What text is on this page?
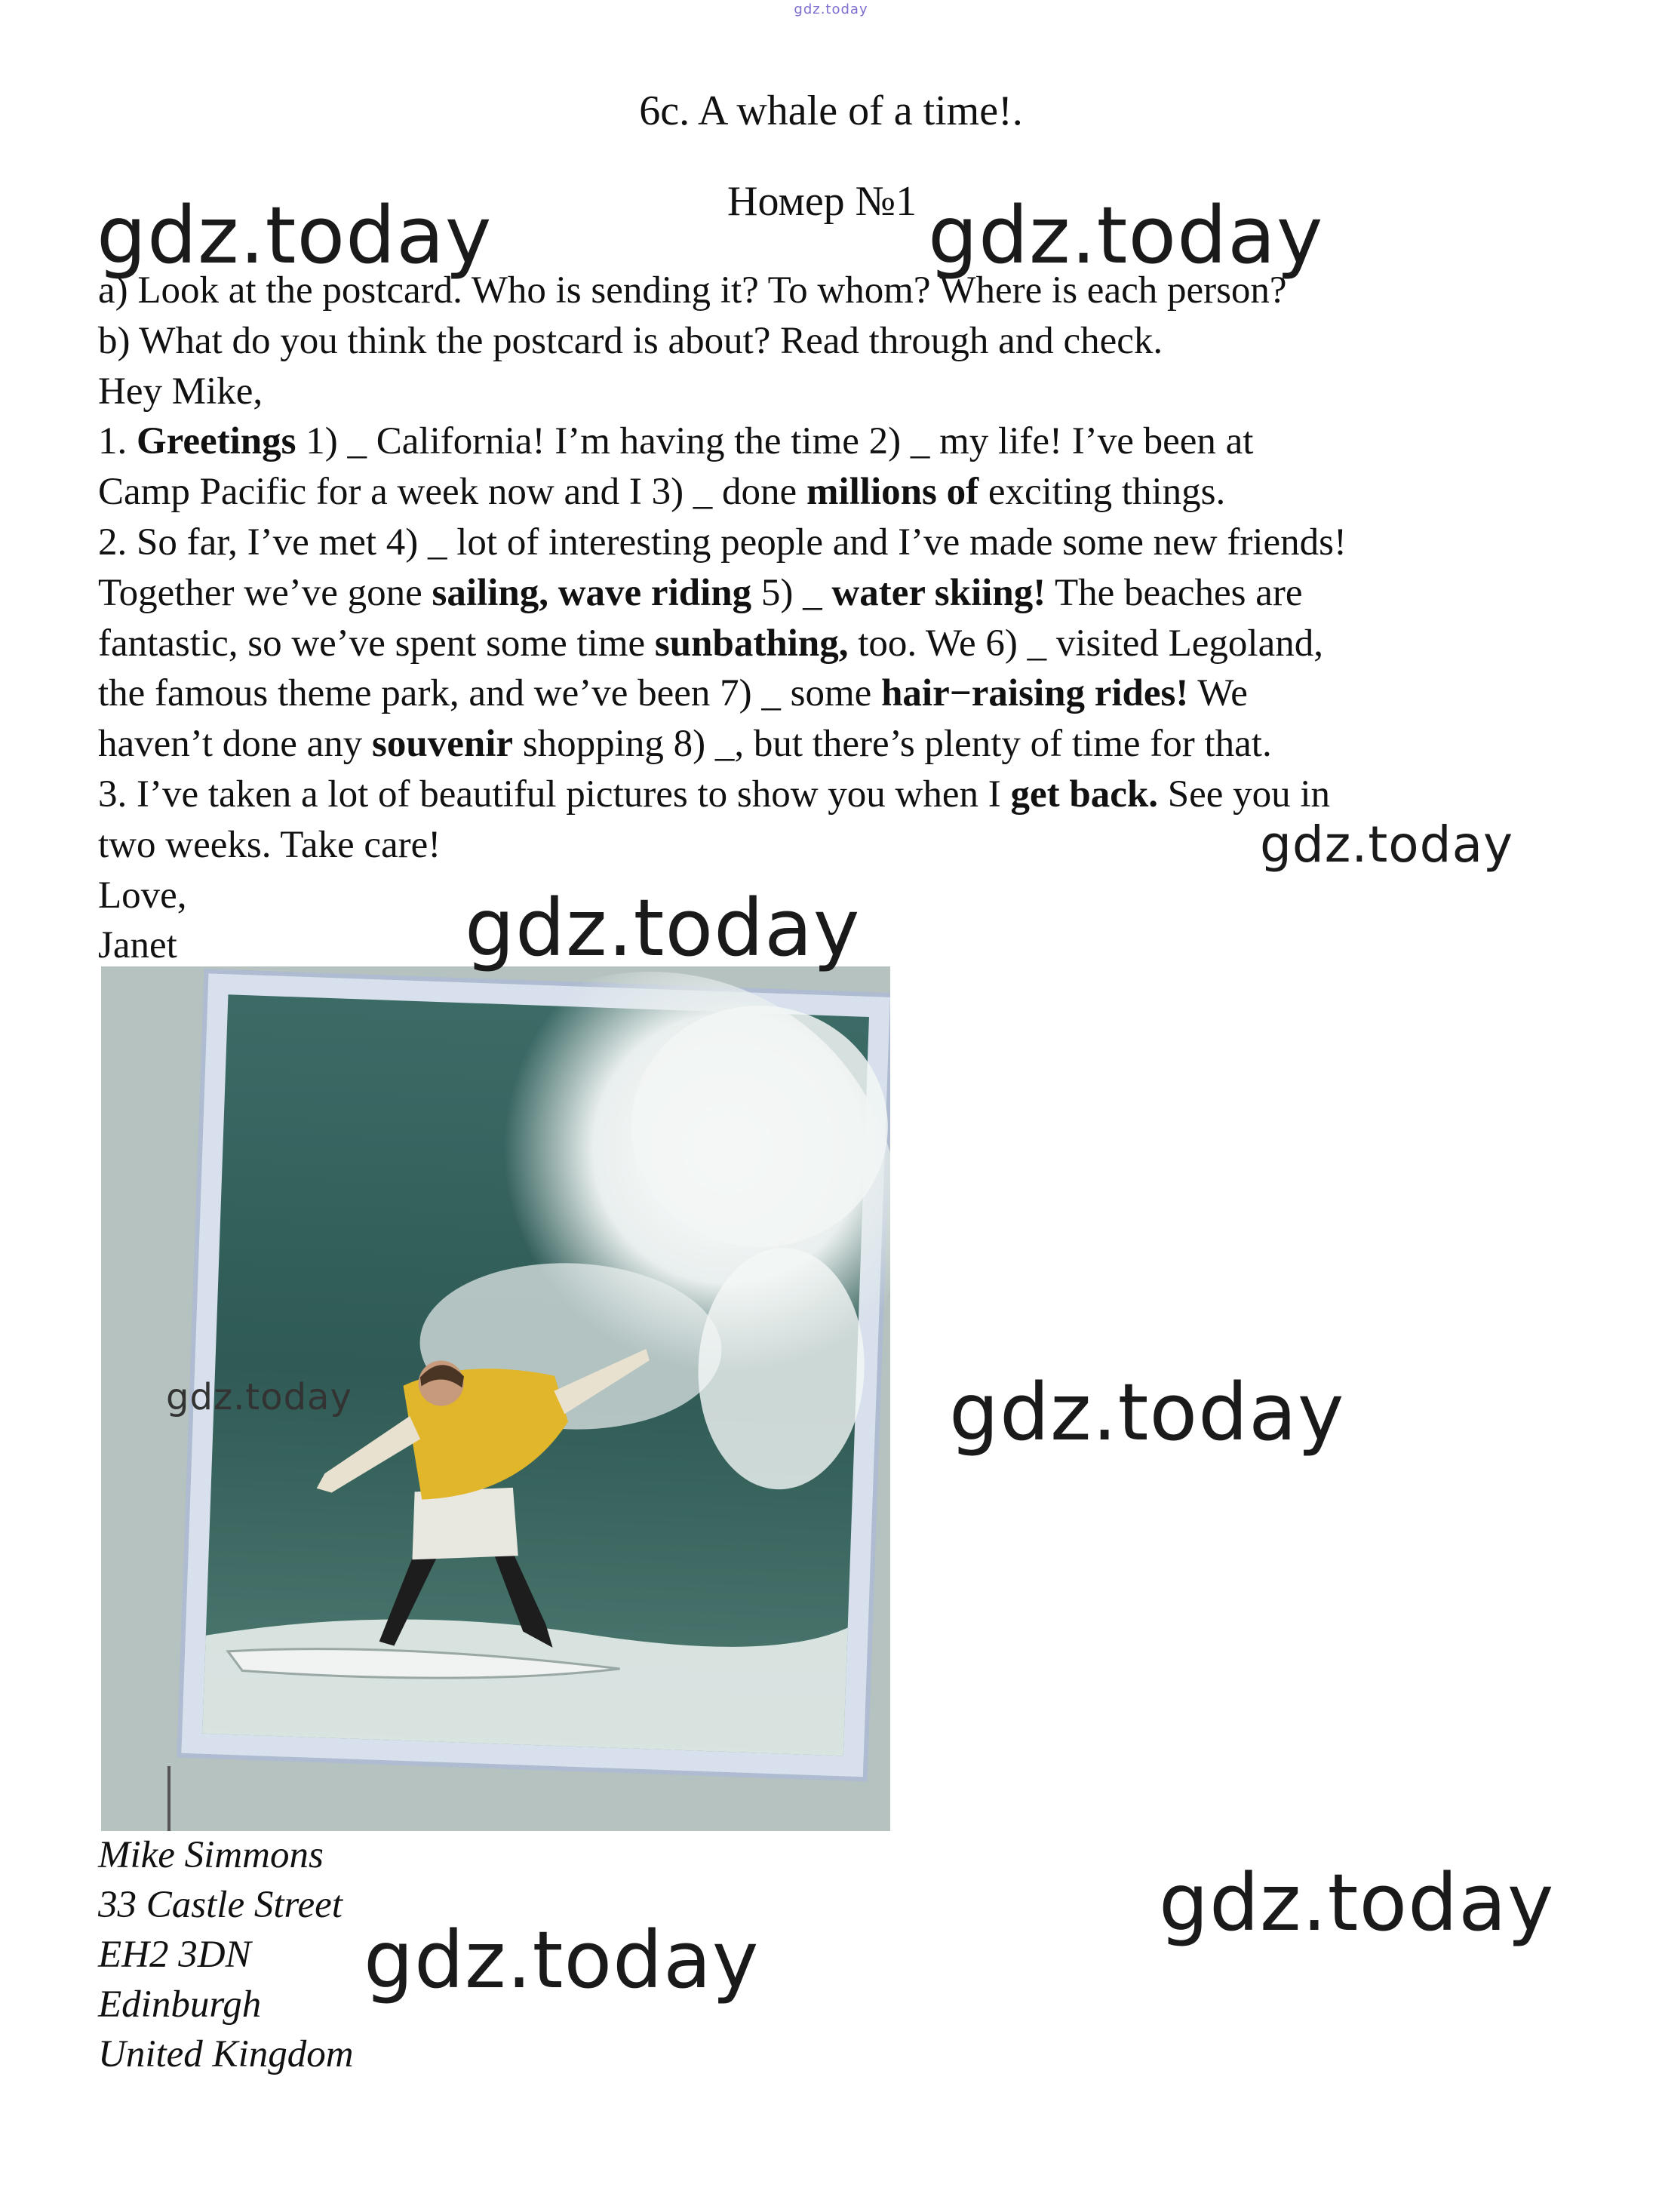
gdz.today
6c. A whale of a time!.
Номер №1
a) Look at the postcard. Who is sending it? To whom? Where is each person?
b) What do you think the postcard is about? Read through and check.
Hey Mike,
1. Greetings 1) _ California! I’m having the time 2) _ my life! I’ve been at
Camp Pacific for a week now and I 3) _ done millions of exciting things.
2. So far, I’ve met 4) _ lot of interesting people and I’ve made some new friends!
Together we’ve gone sailing, wave riding 5) _ water skiing! The beaches are
fantastic, so we’ve spent some time sunbathing, too. We 6) _ visited Legoland,
the famous theme park, and we’ve been 7) _ some hair−raising rides! We
haven’t done any souvenir shopping 8) _, but there’s plenty of time for that.
3. I’ve taken a lot of beautiful pictures to show you when I get back. See you in
two weeks. Take care!
Love,
Janet
Mike Simmons
33 Castle Street
EH2 3DN
Edinburgh
United Kingdom
gdz.today	gdz.today
gdz.today
gdz.today
gdz.today	gdz.today
gdz.today
gdz.today
